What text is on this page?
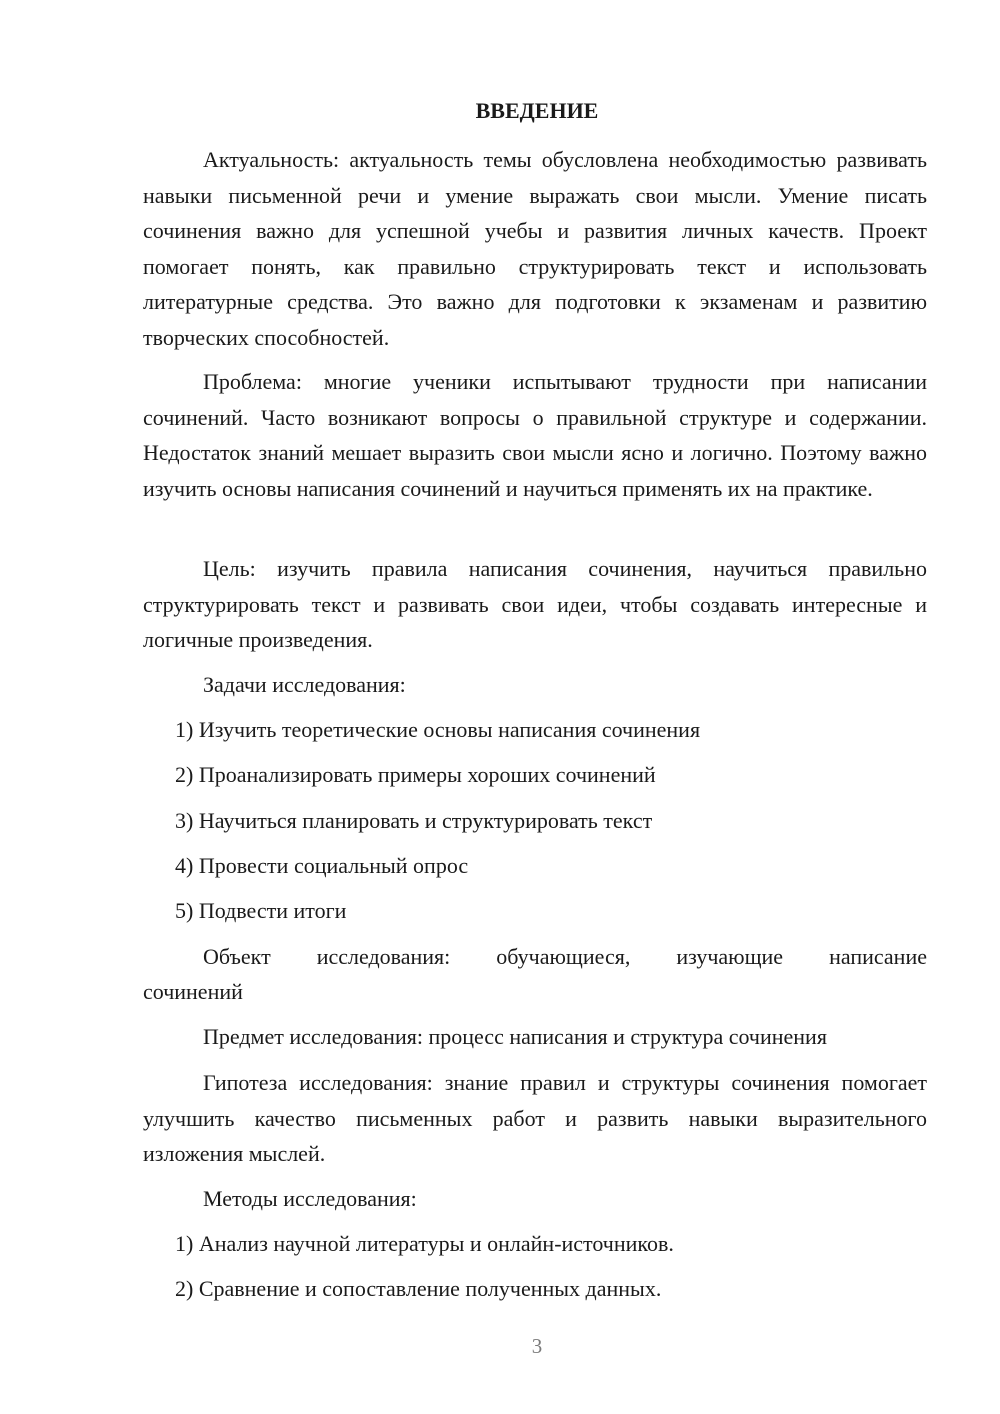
ВВЕДЕНИЕ

Актуальность: актуальность темы обусловлена необходимостью развивать навыки письменной речи и умение выражать свои мысли. Умение писать сочинения важно для успешной учебы и развития личных качеств. Проект помогает понять, как правильно структурировать текст и использовать литературные средства. Это важно для подготовки к экзаменам и развитию творческих способностей.

Проблема: многие ученики испытывают трудности при написании сочинений. Часто возникают вопросы о правильной структуре и содержании. Недостаток знаний мешает выразить свои мысли ясно и логично. Поэтому важно изучить основы написания сочинений и научиться применять их на практике.

Цель: изучить правила написания сочинения, научиться правильно структурировать текст и развивать свои идеи, чтобы создавать интересные и логичные произведения.

Задачи исследования:

1) Изучить теоретические основы написания сочинения

2) Проанализировать примеры хороших сочинений

3) Научиться планировать и структурировать текст

4) Провести социальный опрос

5) Подвести итоги

Объект исследования: обучающиеся, изучающие написание

сочинений

Предмет исследования: процесс написания и структура сочинения

Гипотеза исследования: знание правил и структуры сочинения помогает улучшить качество письменных работ и развить навыки выразительного изложения мыслей.

Методы исследования:

1) Анализ научной литературы и онлайн-источников.

2) Сравнение и сопоставление полученных данных.

3
